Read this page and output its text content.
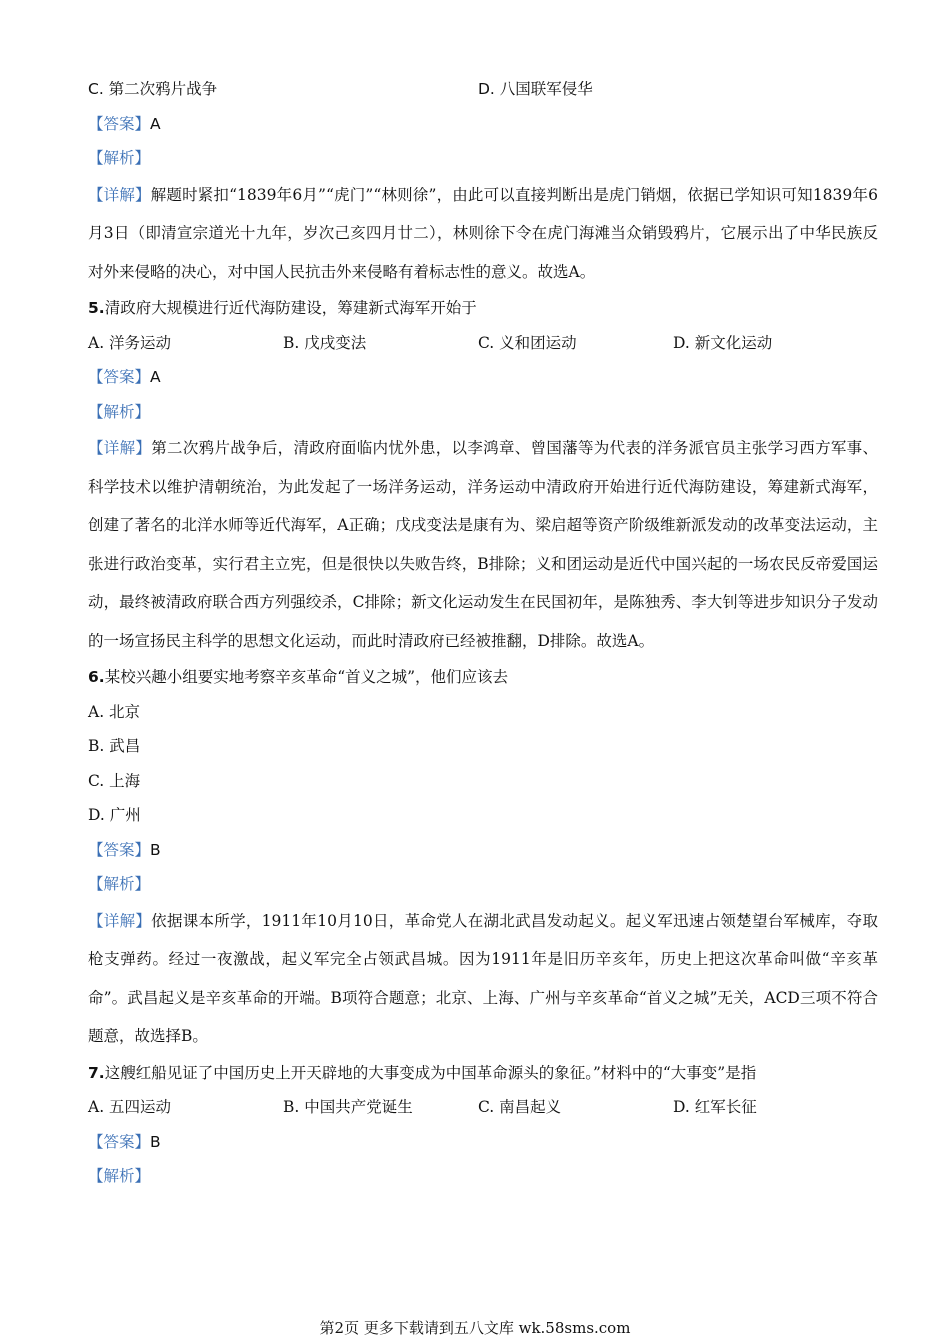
C. 第二次鸦片战争	D. 八国联军侵华
【答案】A
【解析】

【详解】解题时紧扣“1839年6月”“虎门”“林则徐”，由此可以直接判断出是虎门销烟，依据已学知识可知1839年6月3日（即清宣宗道光十九年，岁次己亥四月廿二），林则徐下令在虎门海滩当众销毁鸦片，它展示出了中华民族反对外来侵略的决心，对中国人民抗击外来侵略有着标志性的意义。故选A。

5.清政府大规模进行近代海防建设，筹建新式海军开始于
A. 洋务运动	B. 戊戌变法	C. 义和团运动	D. 新文化运动
【答案】A
【解析】

【详解】第二次鸦片战争后，清政府面临内忧外患，以李鸿章、曾国藩等为代表的洋务派官员主张学习西方军事、科学技术以维护清朝统治，为此发起了一场洋务运动，洋务运动中清政府开始进行近代海防建设，筹建新式海军，创建了著名的北洋水师等近代海军，A正确；戊戌变法是康有为、梁启超等资产阶级维新派发动的改革变法运动，主张进行政治变革，实行君主立宪，但是很快以失败告终，B排除；义和团运动是近代中国兴起的一场农民反帝爱国运动，最终被清政府联合西方列强绞杀，C排除；新文化运动发生在民国初年，是陈独秀、李大钊等进步知识分子发动的一场宣扬民主科学的思想文化运动，而此时清政府已经被推翻，D排除。故选A。

6.某校兴趣小组要实地考察辛亥革命“首义之城”，他们应该去
A. 北京
B. 武昌
C. 上海
D. 广州
【答案】B
【解析】

【详解】依据课本所学，1911年10月10日，革命党人在湖北武昌发动起义。起义军迅速占领楚望台军械库，夺取枪支弹药。经过一夜激战，起义军完全占领武昌城。因为1911年是旧历辛亥年，历史上把这次革命叫做“辛亥革命”。武昌起义是辛亥革命的开端。B项符合题意；北京、上海、广州与辛亥革命“首义之城”无关，ACD三项不符合题意，故选择B。

7.这艘红船见证了中国历史上开天辟地的大事变成为中国革命源头的象征。”材料中的“大事变”是指
A. 五四运动	B. 中国共产党诞生	C. 南昌起义	D. 红军长征
【答案】B
【解析】
第2页 更多下载请到五八文库 wk.58sms.com
